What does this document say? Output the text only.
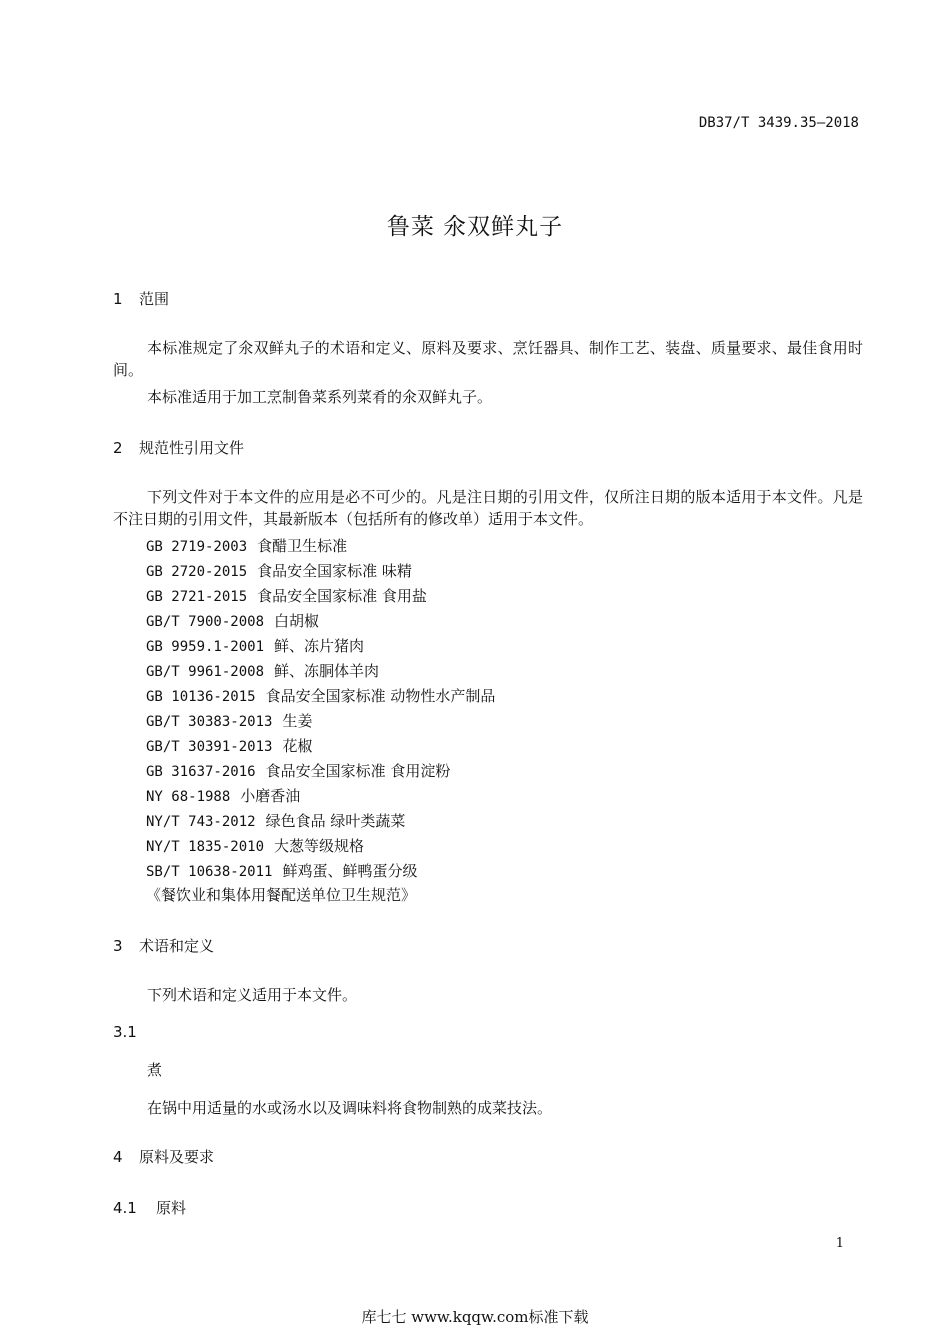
DB37/T 3439.35—2018
鲁菜 氽双鲜丸子
1 范围
本标准规定了氽双鲜丸子的术语和定义、原料及要求、烹饪器具、制作工艺、装盘、质量要求、最佳食用时间。
本标准适用于加工烹制鲁菜系列菜肴的氽双鲜丸子。
2 规范性引用文件
下列文件对于本文件的应用是必不可少的。凡是注日期的引用文件，仅所注日期的版本适用于本文件。凡是不注日期的引用文件，其最新版本（包括所有的修改单）适用于本文件。
GB 2719-2003 食醋卫生标准
GB 2720-2015 食品安全国家标准 味精
GB 2721-2015 食品安全国家标准 食用盐
GB/T 7900-2008 白胡椒
GB 9959.1-2001 鲜、冻片猪肉
GB/T 9961-2008 鲜、冻胴体羊肉
GB 10136-2015 食品安全国家标准 动物性水产制品
GB/T 30383-2013 生姜
GB/T 30391-2013 花椒
GB 31637-2016 食品安全国家标准 食用淀粉
NY 68-1988 小磨香油
NY/T 743-2012 绿色食品 绿叶类蔬菜
NY/T 1835-2010 大葱等级规格
SB/T 10638-2011 鲜鸡蛋、鲜鸭蛋分级
《餐饮业和集体用餐配送单位卫生规范》
3 术语和定义
下列术语和定义适用于本文件。
3.1
煮
在锅中用适量的水或汤水以及调味料将食物制熟的成菜技法。
4 原料及要求
4.1 原料
1
库七七 www.kqqw.com标准下载
